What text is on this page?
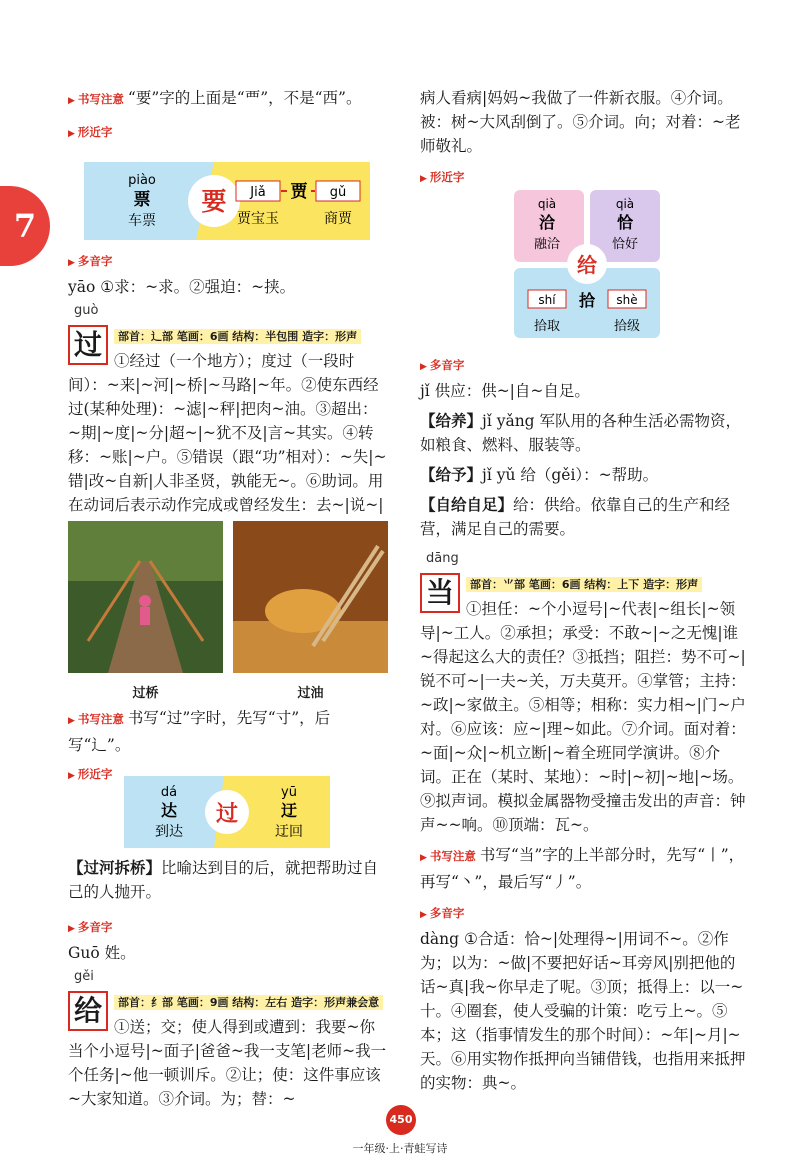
7

▶ 书写注意 “要”字的上面是“覀”，不是“西”。

▶ 形近字

要
piào
票
车票
Jiǎ	gǔ
贾
贾宝玉	商贾

▶ 多音字

yāo ①求：~求。②强迫：~挟。

guò

过	部首：辶部 笔画：6画 结构：半包围 造字：形声
①经过（一个地方）；度过（一段时间）：~来|~河|~桥|~马路|~年。②使东西经过(某种处理)：~滤|~秤|把肉~油。③超出：~期|~度|~分|超~|~犹不及|言~其实。④转移：~账|~户。⑤错误（跟“功”相对）：~失|~错|改~自新|人非圣贤，孰能无~。⑥助词。用在动词后表示动作完成或曾经发生：去~|说~|

过桥	过油

▶ 书写注意 书写“过”字时，先写“寸”，后写“辶”。

▶ 形近字

过
dá
达
到达
yū
迂
迂回

【过河拆桥】比喻达到目的后，就把帮助过自己的人抛开。

▶ 多音字

Guō 姓。

gěi

给	部首：纟部 笔画：9画 结构：左右 造字：形声兼会意
①送；交；使人得到或遭到：我要~你当个小逗号|~面子|爸爸~我一支笔|老师~我一个任务|~他一顿训斥。②让；使：这件事应该~大家知道。③介词。为；替：~

病人看病|妈妈~我做了一件新衣服。④介词。被：树~大风刮倒了。⑤介词。向；对着：~老师敬礼。

▶ 形近字

给
qià
洽
融洽
qià
恰
恰好
shí	shè
拾
拾取	拾级

▶ 多音字

jǐ 供应：供~|自~自足。

【给养】jǐ yǎng 军队用的各种生活必需物资，如粮食、燃料、服装等。

【给予】jǐ yǔ 给（gěi）：~帮助。

【自给自足】给：供给。依靠自己的生产和经营，满足自己的需要。

dāng

当	部首：⺌部 笔画：6画 结构：上下 造字：形声
①担任：~个小逗号|~代表|~组长|~领导|~工人。②承担；承受：不敢~|~之无愧|谁~得起这么大的责任？③抵挡；阻拦：势不可~|锐不可~|一夫~关，万夫莫开。④掌管；主持：~政|~家做主。⑤相等；相称：实力相~|门~户对。⑥应该：应~|理~如此。⑦介词。面对着：~面|~众|~机立断|~着全班同学演讲。⑧介词。正在（某时、某地）：~时|~初|~地|~场。⑨拟声词。模拟金属器物受撞击发出的声音：钟声~~响。⑩顶端：瓦~。

▶ 书写注意 书写“当”字的上半部分时，先写“丨”，再写“丶”，最后写“丿”。

▶ 多音字

dàng ①合适：恰~|处理得~|用词不~。②作为；以为：~做|不要把好话~耳旁风|别把他的话~真|我~你早走了呢。③顶；抵得上：以一~十。④圈套，使人受骗的计策：吃亏上~。⑤本；这（指事情发生的那个时间）：~年|~月|~天。⑥用实物作抵押向当铺借钱，也指用来抵押的实物：典~。

450
一年级·上·青蛙写诗
